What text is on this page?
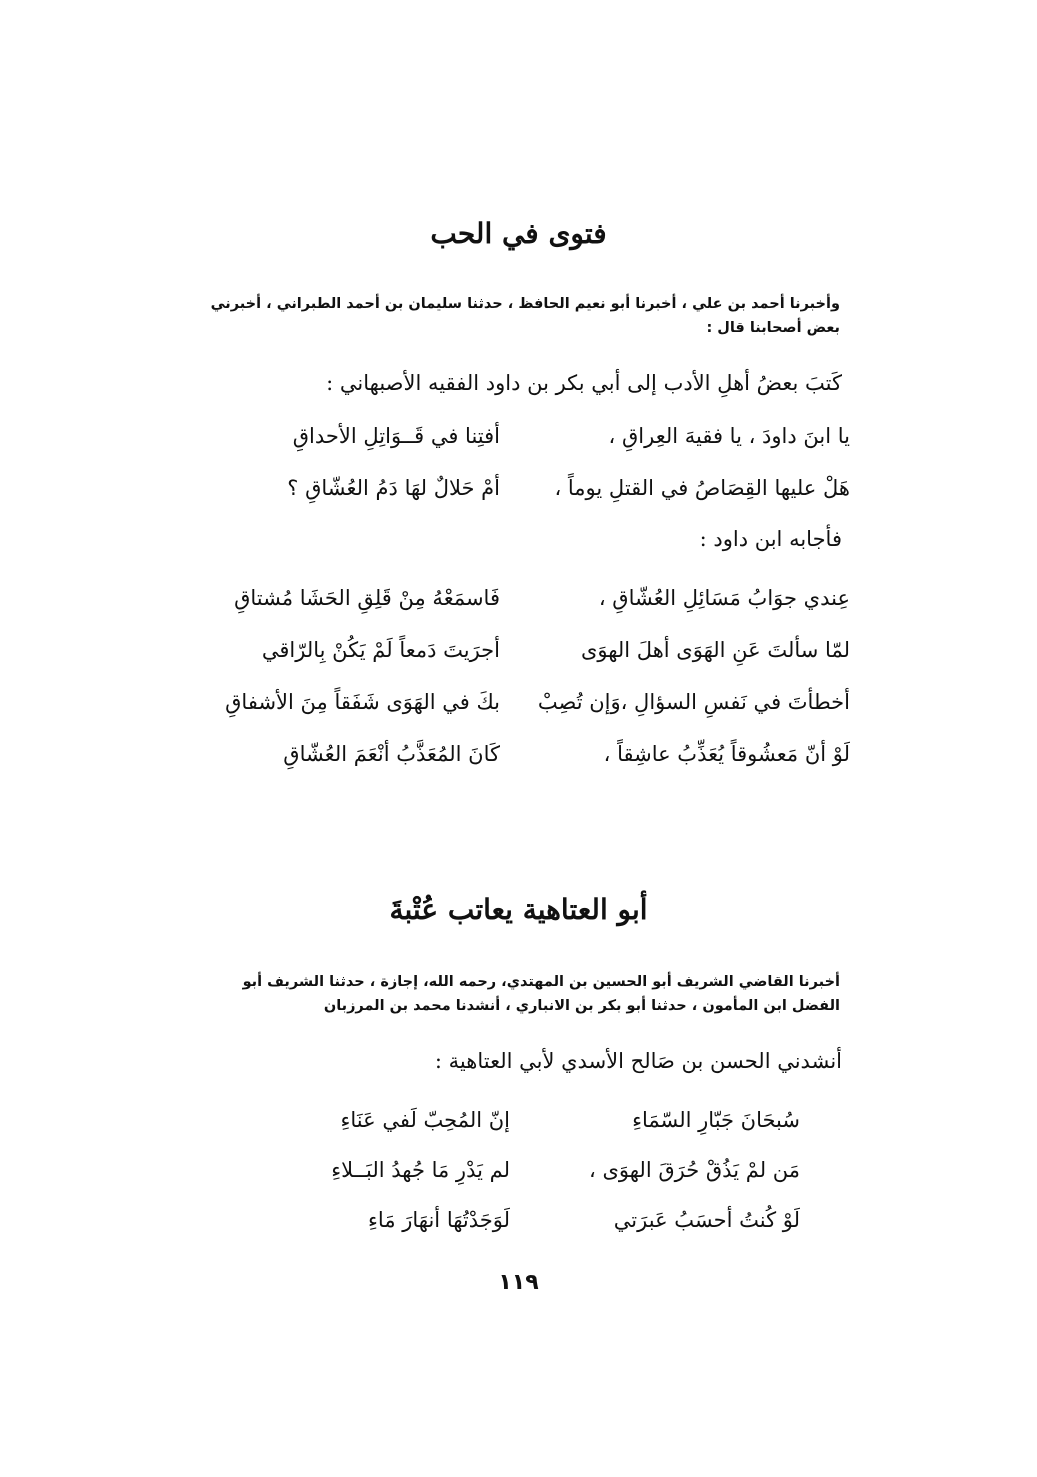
فتوى في الحب
وأخبرنا أحمد بن علي ، أخبرنا أبو نعيم الحافظ ، حدثنا سليمان بن أحمد الطبراني ، أخبرني بعض أصحابنا قال :
كَتبَ بعضُ أهلِ الأدب إلى أبي بكر بن داود الفقيه الأصبهاني :
يا ابنَ داودَ ، يا فقيهَ العِراقِ ،
أفتِنا في قَــوَاتِلِ الأحداقِ
هَلْ عليها القِصَاصُ في القتلِ يوماً ،
أمْ حَلالٌ لهَا دَمُ العُشّاقِ ؟
فأجابه ابن داود :
عِندي جوَابُ مَسَائِلِ العُشّاقِ ،
فَاسمَعْهُ مِنْ قَلِقِ الحَشَا مُشتاقِ
لمّا سألتَ عَنِ الهَوَى أهلَ الهوَى
أجرَيتَ دَمعاً لَمْ يَكُنْ بِالرّاقي
أخطأتَ في نَفسِ السؤالِ ،وَإن تُصِبْ
بكَ في الهَوَى شَفَقاً مِنَ الأشفاقِ
لَوْ أنّ مَعشُوقاً يُعَذِّبُ عاشِقاً ،
كَانَ المُعَذَّبُ أنْعَمَ العُشّاقِ
أبو العتاهية يعاتب عُتْبةَ
أخبرنا القاضي الشريف أبو الحسين بن المهتدي، رحمه الله، إجازة ، حدثنا الشريف أبو الفضل ابن المأمون ، حدثنا أبو بكر بن الانباري ، أنشدنا محمد بن المرزبان
أنشدني الحسن بن صَالح الأسدي لأبي العتاهية :
سُبحَانَ جَبّارِ السّمَاءِ
إنّ المُحِبّ لَفي عَنَاءِ
مَن لمْ يَذُقْ حُرَقَ الهوَى ،
لم يَدْرِ مَا جُهدُ البَــلاءِ
لَوْ كُنتُ أحسَبُ عَبرَتي
لَوَجَدْتُهَا أنهَارَ مَاءِ
١١٩
